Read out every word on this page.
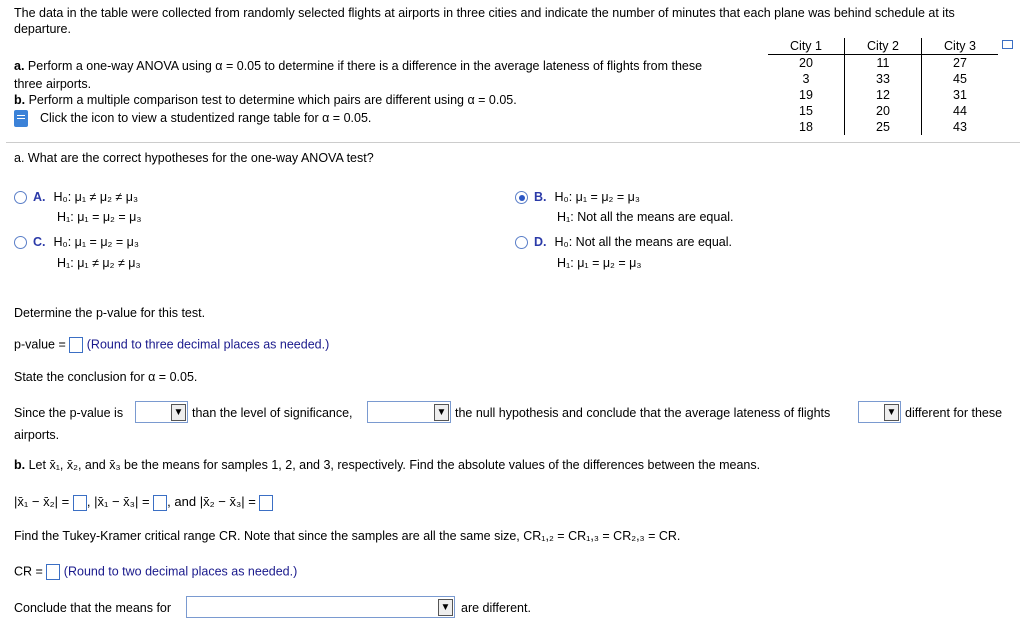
The data in the table were collected from randomly selected flights at airports in three cities and indicate the number of minutes that each plane was behind schedule at its
departure.
a. Perform a one-way ANOVA using α = 0.05 to determine if there is a difference in the average lateness of flights from these
three airports.
b. Perform a multiple comparison test to determine which pairs are different using α = 0.05.
Click the icon to view a studentized range table for α = 0.05.
City 1	City 2	City 3
20	11	27
3	33	45
19	12	31
15	20	44
18	25	43
a. What are the correct hypotheses for the one-way ANOVA test?
A. H₀: μ₁ ≠ μ₂ ≠ μ₃
H₁: μ₁ = μ₂ = μ₃
B. H₀: μ₁ = μ₂ = μ₃
H₁: Not all the means are equal.
C. H₀: μ₁ = μ₂ = μ₃
H₁: μ₁ ≠ μ₂ ≠ μ₃
D. H₀: Not all the means are equal.
H₁: μ₁ = μ₂ = μ₃
Determine the p-value for this test.
p-value = (Round to three decimal places as needed.)
State the conclusion for α = 0.05.
Since the p-value is	▼ than the level of significance,	▼ the null hypothesis and conclude that the average lateness of flights	▼ different for these
airports.
b. Let x̄₁, x̄₂, and x̄₃ be the means for samples 1, 2, and 3, respectively. Find the absolute values of the differences between the means.
|x̄₁ − x̄₂| = , |x̄₁ − x̄₃| = , and |x̄₂ − x̄₃| =
Find the Tukey-Kramer critical range CR. Note that since the samples are all the same size, CR₁,₂ = CR₁,₃ = CR₂,₃ = CR.
CR = (Round to two decimal places as needed.)
Conclude that the means for	▼ are different.
